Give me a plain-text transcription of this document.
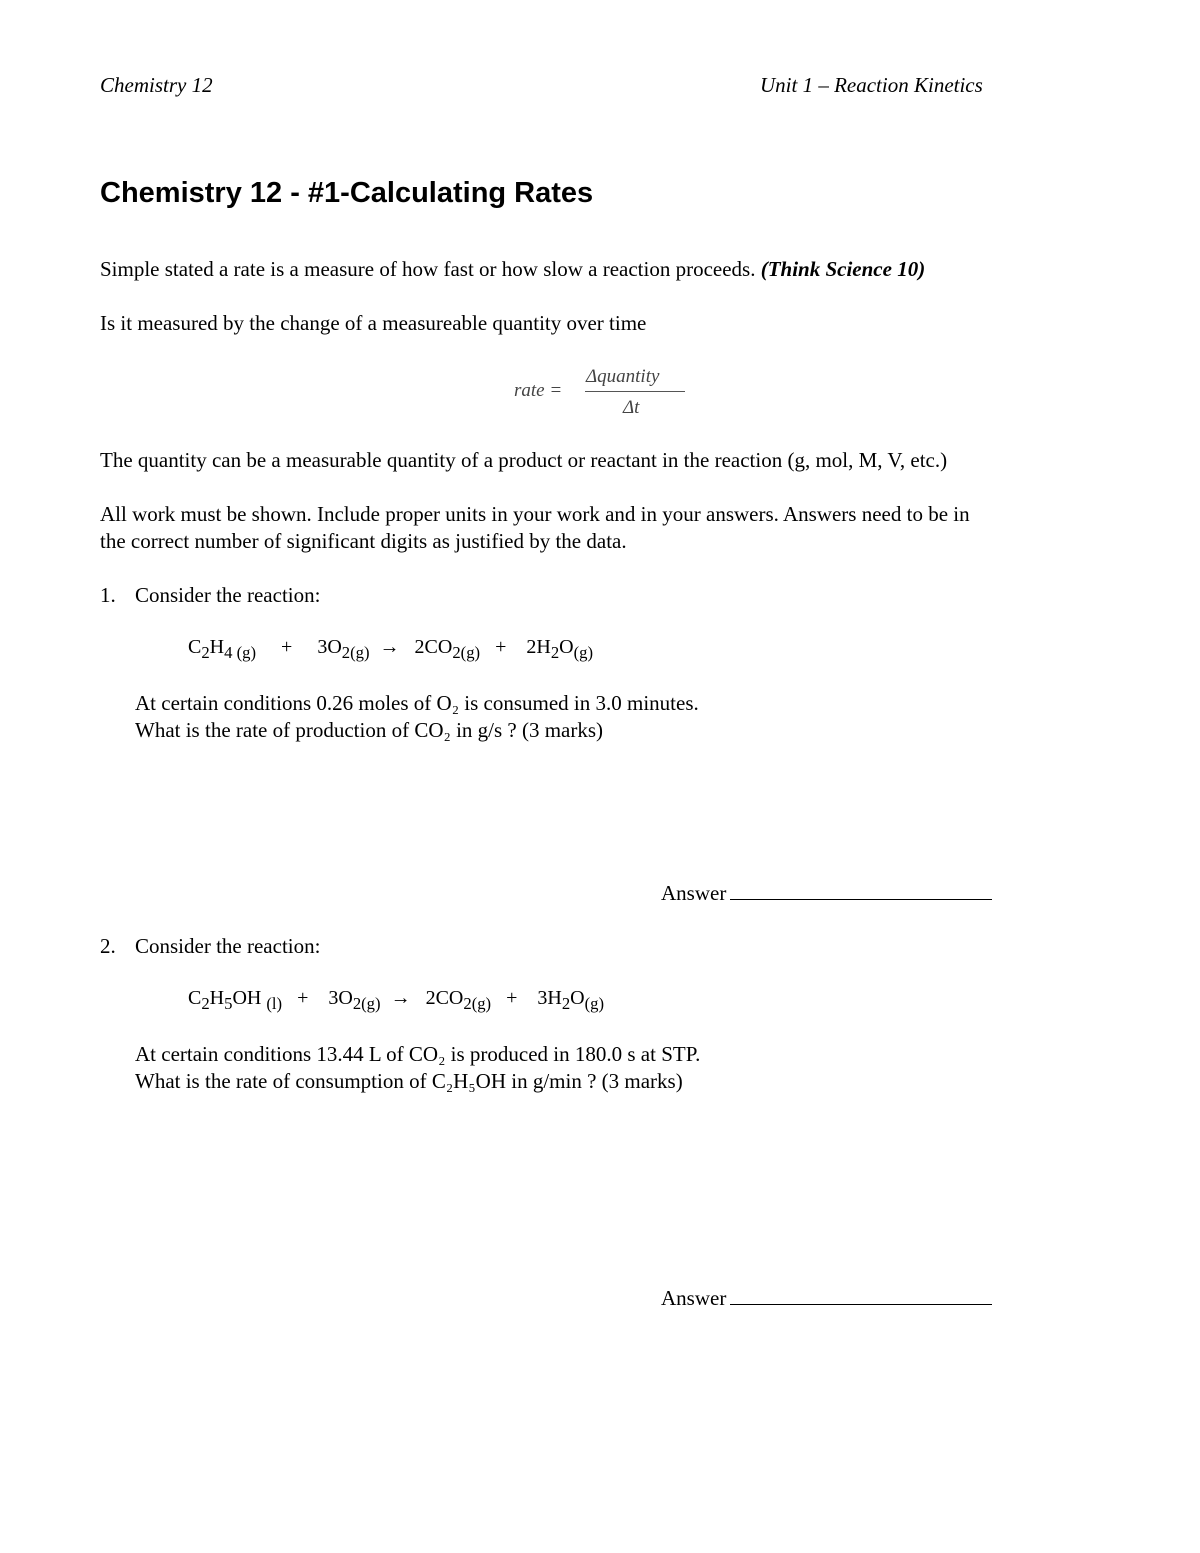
Chemistry 12	Unit 1 – Reaction Kinetics
Chemistry 12 - #1-Calculating Rates
Simple stated a rate is a measure of how fast or how slow a reaction proceeds. (Think Science 10)
Is it measured by the change of a measureable quantity over time
rate =
Δquantity
Δt
The quantity can be a measurable quantity of a product or reactant in the reaction (g, mol, M, V, etc.)
All work must be shown. Include proper units in your work and in your answers. Answers need to be in
the correct number of significant digits as justified by the data.
1. Consider the reaction:
$C_2H_{4 (g)}$     +     $3O_{2(g)} \to 2CO_{2(g)}$   +    $2H_2O_{(g)}$
At certain conditions 0.26 moles of O₂ is consumed in 3.0 minutes.
What is the rate of production of CO₂ in g/s ? (3 marks)
Answer
2. Consider the reaction:
$C_2H_5OH$ $_{(l)}$   +    $3O_{2(g)} \to 2CO_{2(g)}$   +    $3H_2O_{(g)}$
At certain conditions 13.44 L of CO₂ is produced in 180.0 s at STP.
What is the rate of consumption of C₂H₅OH in g/min ? (3 marks)
Answer
